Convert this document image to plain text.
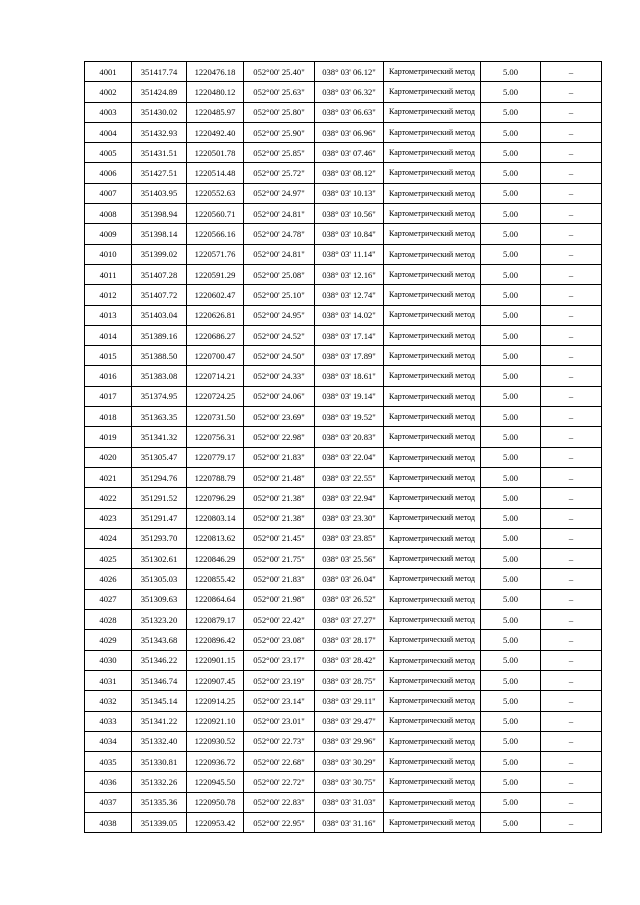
4001	351417.74	1220476.18	052°00' 25.40"	038° 03' 06.12"	Картометрический метод	5.00	–
4002	351424.89	1220480.12	052°00' 25.63"	038° 03' 06.32"	Картометрический метод	5.00	–
4003	351430.02	1220485.97	052°00' 25.80"	038° 03' 06.63"	Картометрический метод	5.00	–
4004	351432.93	1220492.40	052°00' 25.90"	038° 03' 06.96"	Картометрический метод	5.00	–
4005	351431.51	1220501.78	052°00' 25.85"	038° 03' 07.46"	Картометрический метод	5.00	–
4006	351427.51	1220514.48	052°00' 25.72"	038° 03' 08.12"	Картометрический метод	5.00	–
4007	351403.95	1220552.63	052°00' 24.97"	038° 03' 10.13"	Картометрический метод	5.00	–
4008	351398.94	1220560.71	052°00' 24.81"	038° 03' 10.56"	Картометрический метод	5.00	–
4009	351398.14	1220566.16	052°00' 24.78"	038° 03' 10.84"	Картометрический метод	5.00	–
4010	351399.02	1220571.76	052°00' 24.81"	038° 03' 11.14"	Картометрический метод	5.00	–
4011	351407.28	1220591.29	052°00' 25.08"	038° 03' 12.16"	Картометрический метод	5.00	–
4012	351407.72	1220602.47	052°00' 25.10"	038° 03' 12.74"	Картометрический метод	5.00	–
4013	351403.04	1220626.81	052°00' 24.95"	038° 03' 14.02"	Картометрический метод	5.00	–
4014	351389.16	1220686.27	052°00' 24.52"	038° 03' 17.14"	Картометрический метод	5.00	–
4015	351388.50	1220700.47	052°00' 24.50"	038° 03' 17.89"	Картометрический метод	5.00	–
4016	351383.08	1220714.21	052°00' 24.33"	038° 03' 18.61"	Картометрический метод	5.00	–
4017	351374.95	1220724.25	052°00' 24.06"	038° 03' 19.14"	Картометрический метод	5.00	–
4018	351363.35	1220731.50	052°00' 23.69"	038° 03' 19.52"	Картометрический метод	5.00	–
4019	351341.32	1220756.31	052°00' 22.98"	038° 03' 20.83"	Картометрический метод	5.00	–
4020	351305.47	1220779.17	052°00' 21.83"	038° 03' 22.04"	Картометрический метод	5.00	–
4021	351294.76	1220788.79	052°00' 21.48"	038° 03' 22.55"	Картометрический метод	5.00	–
4022	351291.52	1220796.29	052°00' 21.38"	038° 03' 22.94"	Картометрический метод	5.00	–
4023	351291.47	1220803.14	052°00' 21.38"	038° 03' 23.30"	Картометрический метод	5.00	–
4024	351293.70	1220813.62	052°00' 21.45"	038° 03' 23.85"	Картометрический метод	5.00	–
4025	351302.61	1220846.29	052°00' 21.75"	038° 03' 25.56"	Картометрический метод	5.00	–
4026	351305.03	1220855.42	052°00' 21.83"	038° 03' 26.04"	Картометрический метод	5.00	–
4027	351309.63	1220864.64	052°00' 21.98"	038° 03' 26.52"	Картометрический метод	5.00	–
4028	351323.20	1220879.17	052°00' 22.42"	038° 03' 27.27"	Картометрический метод	5.00	–
4029	351343.68	1220896.42	052°00' 23.08"	038° 03' 28.17"	Картометрический метод	5.00	–
4030	351346.22	1220901.15	052°00' 23.17"	038° 03' 28.42"	Картометрический метод	5.00	–
4031	351346.74	1220907.45	052°00' 23.19"	038° 03' 28.75"	Картометрический метод	5.00	–
4032	351345.14	1220914.25	052°00' 23.14"	038° 03' 29.11"	Картометрический метод	5.00	–
4033	351341.22	1220921.10	052°00' 23.01"	038° 03' 29.47"	Картометрический метод	5.00	–
4034	351332.40	1220930.52	052°00' 22.73"	038° 03' 29.96"	Картометрический метод	5.00	–
4035	351330.81	1220936.72	052°00' 22.68"	038° 03' 30.29"	Картометрический метод	5.00	–
4036	351332.26	1220945.50	052°00' 22.72"	038° 03' 30.75"	Картометрический метод	5.00	–
4037	351335.36	1220950.78	052°00' 22.83"	038° 03' 31.03"	Картометрический метод	5.00	–
4038	351339.05	1220953.42	052°00' 22.95"	038° 03' 31.16"	Картометрический метод	5.00	–
